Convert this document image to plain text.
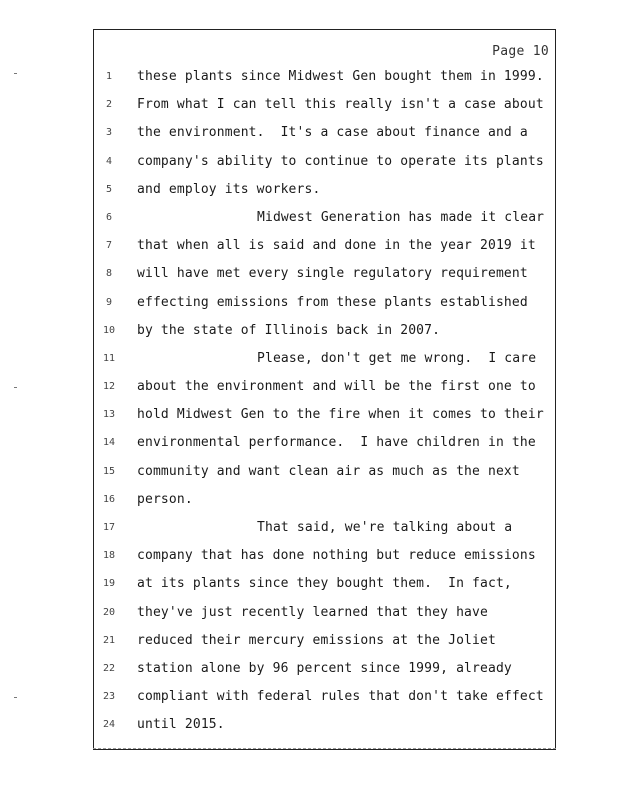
Page 10
1	these plants since Midwest Gen bought them in 1999.
2	From what I can tell this really isn't a case about
3	the environment.  It's a case about finance and a
4	company's ability to continue to operate its plants
5	and employ its workers.
6	Midwest Generation has made it clear
7	that when all is said and done in the year 2019 it
8	will have met every single regulatory requirement
9	effecting emissions from these plants established
10	by the state of Illinois back in 2007.
11	Please, don't get me wrong.  I care
12	about the environment and will be the first one to
13	hold Midwest Gen to the fire when it comes to their
14	environmental performance.  I have children in the
15	community and want clean air as much as the next
16	person.
17	That said, we're talking about a
18	company that has done nothing but reduce emissions
19	at its plants since they bought them.  In fact,
20	they've just recently learned that they have
21	reduced their mercury emissions at the Joliet
22	station alone by 96 percent since 1999, already
23	compliant with federal rules that don't take effect
24	until 2015.
